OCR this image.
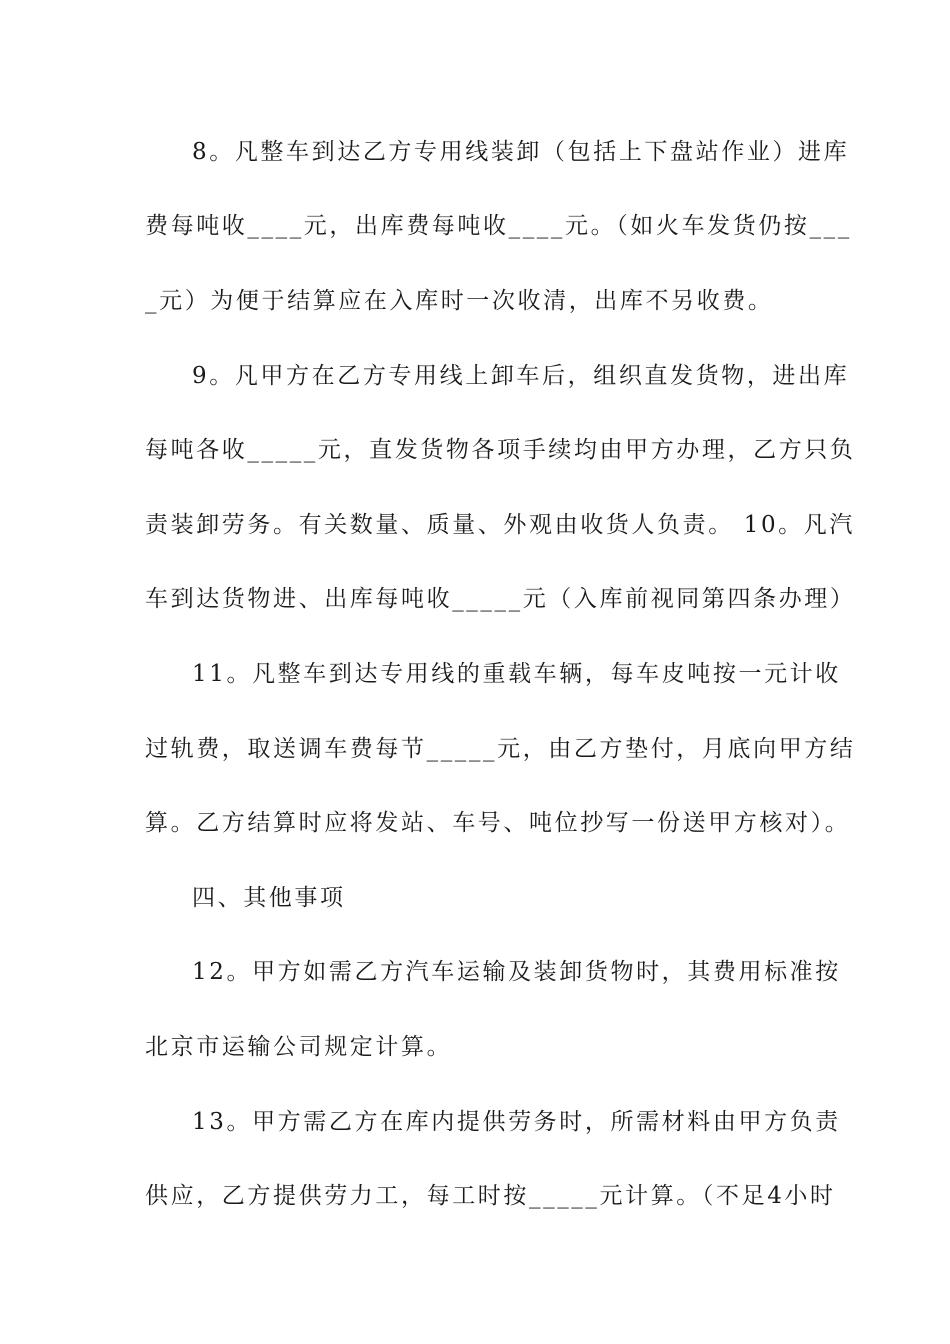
8。凡整车到达乙方专用线装卸（包括上下盘站作业）进库
费每吨收____元，出库费每吨收____元。（如火车发货仍按___
_元）为便于结算应在入库时一次收清，出库不另收费。
9。凡甲方在乙方专用线上卸车后，组织直发货物，进出库
每吨各收_____元，直发货物各项手续均由甲方办理，乙方只负
责装卸劳务。有关数量、质量、外观由收货人负责。 10。凡汽
车到达货物进、出库每吨收_____元（入库前视同第四条办理）
11。凡整车到达专用线的重载车辆，每车皮吨按一元计收
过轨费，取送调车费每节_____元，由乙方垫付，月底向甲方结
算。乙方结算时应将发站、车号、吨位抄写一份送甲方核对）。
四、其他事项
12。甲方如需乙方汽车运输及装卸货物时，其费用标准按
北京市运输公司规定计算。
13。甲方需乙方在库内提供劳务时，所需材料由甲方负责
供应，乙方提供劳力工，每工时按_____元计算。（不足4小时
